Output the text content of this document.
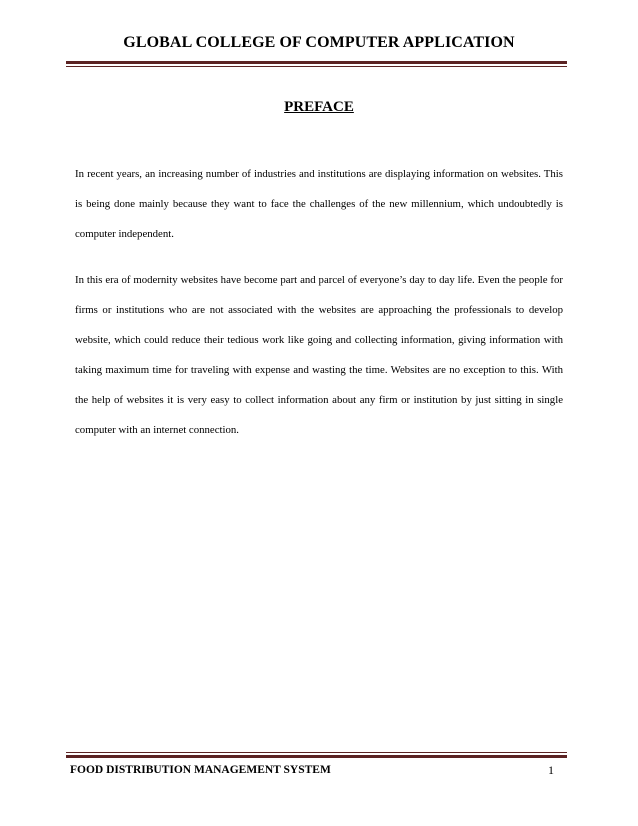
GLOBAL COLLEGE OF COMPUTER APPLICATION
PREFACE

In recent years, an increasing number of industries and institutions are displaying information on websites. This is being done mainly because they want to face the challenges of the new millennium, which undoubtedly is computer independent.

In this era of modernity websites have become part and parcel of everyone’s day to day life. Even the people for firms or institutions who are not associated with the websites are approaching the professionals to develop website, which could reduce their tedious work like going and collecting information, giving information with taking maximum time for traveling with expense and wasting the time. Websites are no exception to this. With the help of websites it is very easy to collect information about any firm or institution by just sitting in single computer with an internet connection.

FOOD DISTRIBUTION MANAGEMENT SYSTEM	1
